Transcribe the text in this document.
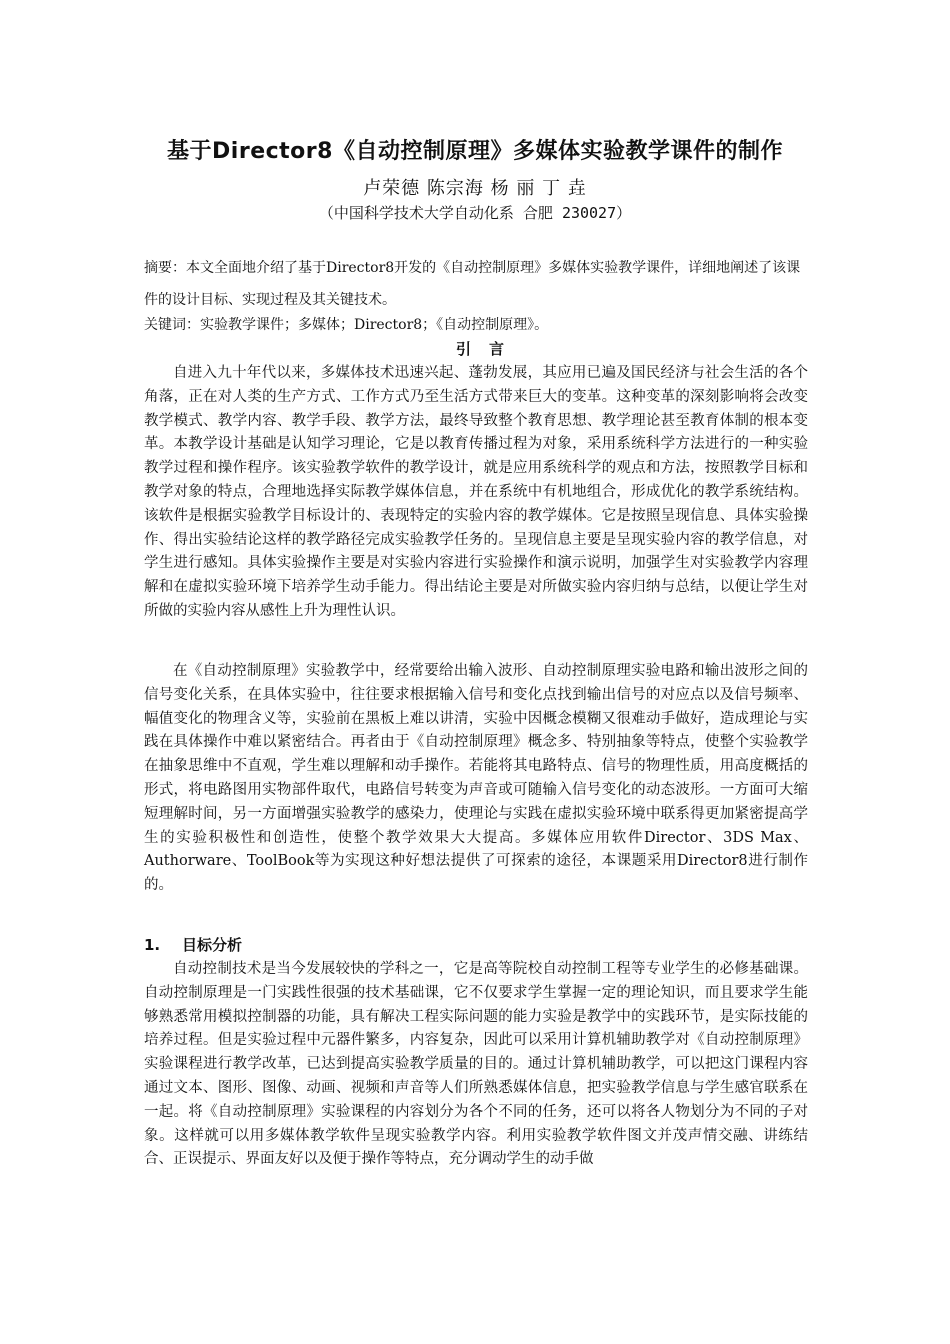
基于Director8《自动控制原理》多媒体实验教学课件的制作
卢荣德 陈宗海 杨 丽 丁 垚
（中国科学技术大学自动化系 合肥 230027）
摘要：本文全面地介绍了基于Director8开发的《自动控制原理》多媒体实验教学课件，详细地阐述了该课件的设计目标、实现过程及其关键技术。
关键词：实验教学课件；多媒体；Director8；《自动控制原理》。
引言
自进入九十年代以来，多媒体技术迅速兴起、蓬勃发展，其应用已遍及国民经济与社会生活的各个角落，正在对人类的生产方式、工作方式乃至生活方式带来巨大的变革。这种变革的深刻影响将会改变教学模式、教学内容、教学手段、教学方法，最终导致整个教育思想、教学理论甚至教育体制的根本变革。本教学设计基础是认知学习理论，它是以教育传播过程为对象，采用系统科学方法进行的一种实验教学过程和操作程序。该实验教学软件的教学设计，就是应用系统科学的观点和方法，按照教学目标和教学对象的特点，合理地选择实际教学媒体信息，并在系统中有机地组合，形成优化的教学系统结构。该软件是根据实验教学目标设计的、表现特定的实验内容的教学媒体。它是按照呈现信息、具体实验操作、得出实验结论这样的教学路径完成实验教学任务的。呈现信息主要是呈现实验内容的教学信息，对学生进行感知。具体实验操作主要是对实验内容进行实验操作和演示说明，加强学生对实验教学内容理解和在虚拟实验环境下培养学生动手能力。得出结论主要是对所做实验内容归纳与总结，以便让学生对所做的实验内容从感性上升为理性认识。
在《自动控制原理》实验教学中，经常要给出输入波形、自动控制原理实验电路和输出波形之间的信号变化关系，在具体实验中，往往要求根据输入信号和变化点找到输出信号的对应点以及信号频率、幅值变化的物理含义等，实验前在黑板上难以讲清，实验中因概念模糊又很难动手做好，造成理论与实践在具体操作中难以紧密结合。再者由于《自动控制原理》概念多、特别抽象等特点，使整个实验教学在抽象思维中不直观，学生难以理解和动手操作。若能将其电路特点、信号的物理性质，用高度概括的形式，将电路图用实物部件取代，电路信号转变为声音或可随输入信号变化的动态波形。一方面可大缩短理解时间，另一方面增强实验教学的感染力，使理论与实践在虚拟实验环境中联系得更加紧密提高学生的实验积极性和创造性，使整个教学效果大大提高。多媒体应用软件Director、3DS Max、Authorware、ToolBook等为实现这种好想法提供了可探索的途径，本课题采用Director8进行制作的。
1. 目标分析
自动控制技术是当今发展较快的学科之一，它是高等院校自动控制工程等专业学生的必修基础课。自动控制原理是一门实践性很强的技术基础课，它不仅要求学生掌握一定的理论知识，而且要求学生能够熟悉常用模拟控制器的功能，具有解决工程实际问题的能力实验是教学中的实践环节，是实际技能的培养过程。但是实验过程中元器件繁多，内容复杂，因此可以采用计算机辅助教学对《自动控制原理》实验课程进行教学改革，已达到提高实验教学质量的目的。通过计算机辅助教学，可以把这门课程内容通过文本、图形、图像、动画、视频和声音等人们所熟悉媒体信息，把实验教学信息与学生感官联系在一起。将《自动控制原理》实验课程的内容划分为各个不同的任务，还可以将各人物划分为不同的子对象。这样就可以用多媒体教学软件呈现实验教学内容。利用实验教学软件图文并茂声情交融、讲练结合、正误提示、界面友好以及便于操作等特点，充分调动学生的动手做
